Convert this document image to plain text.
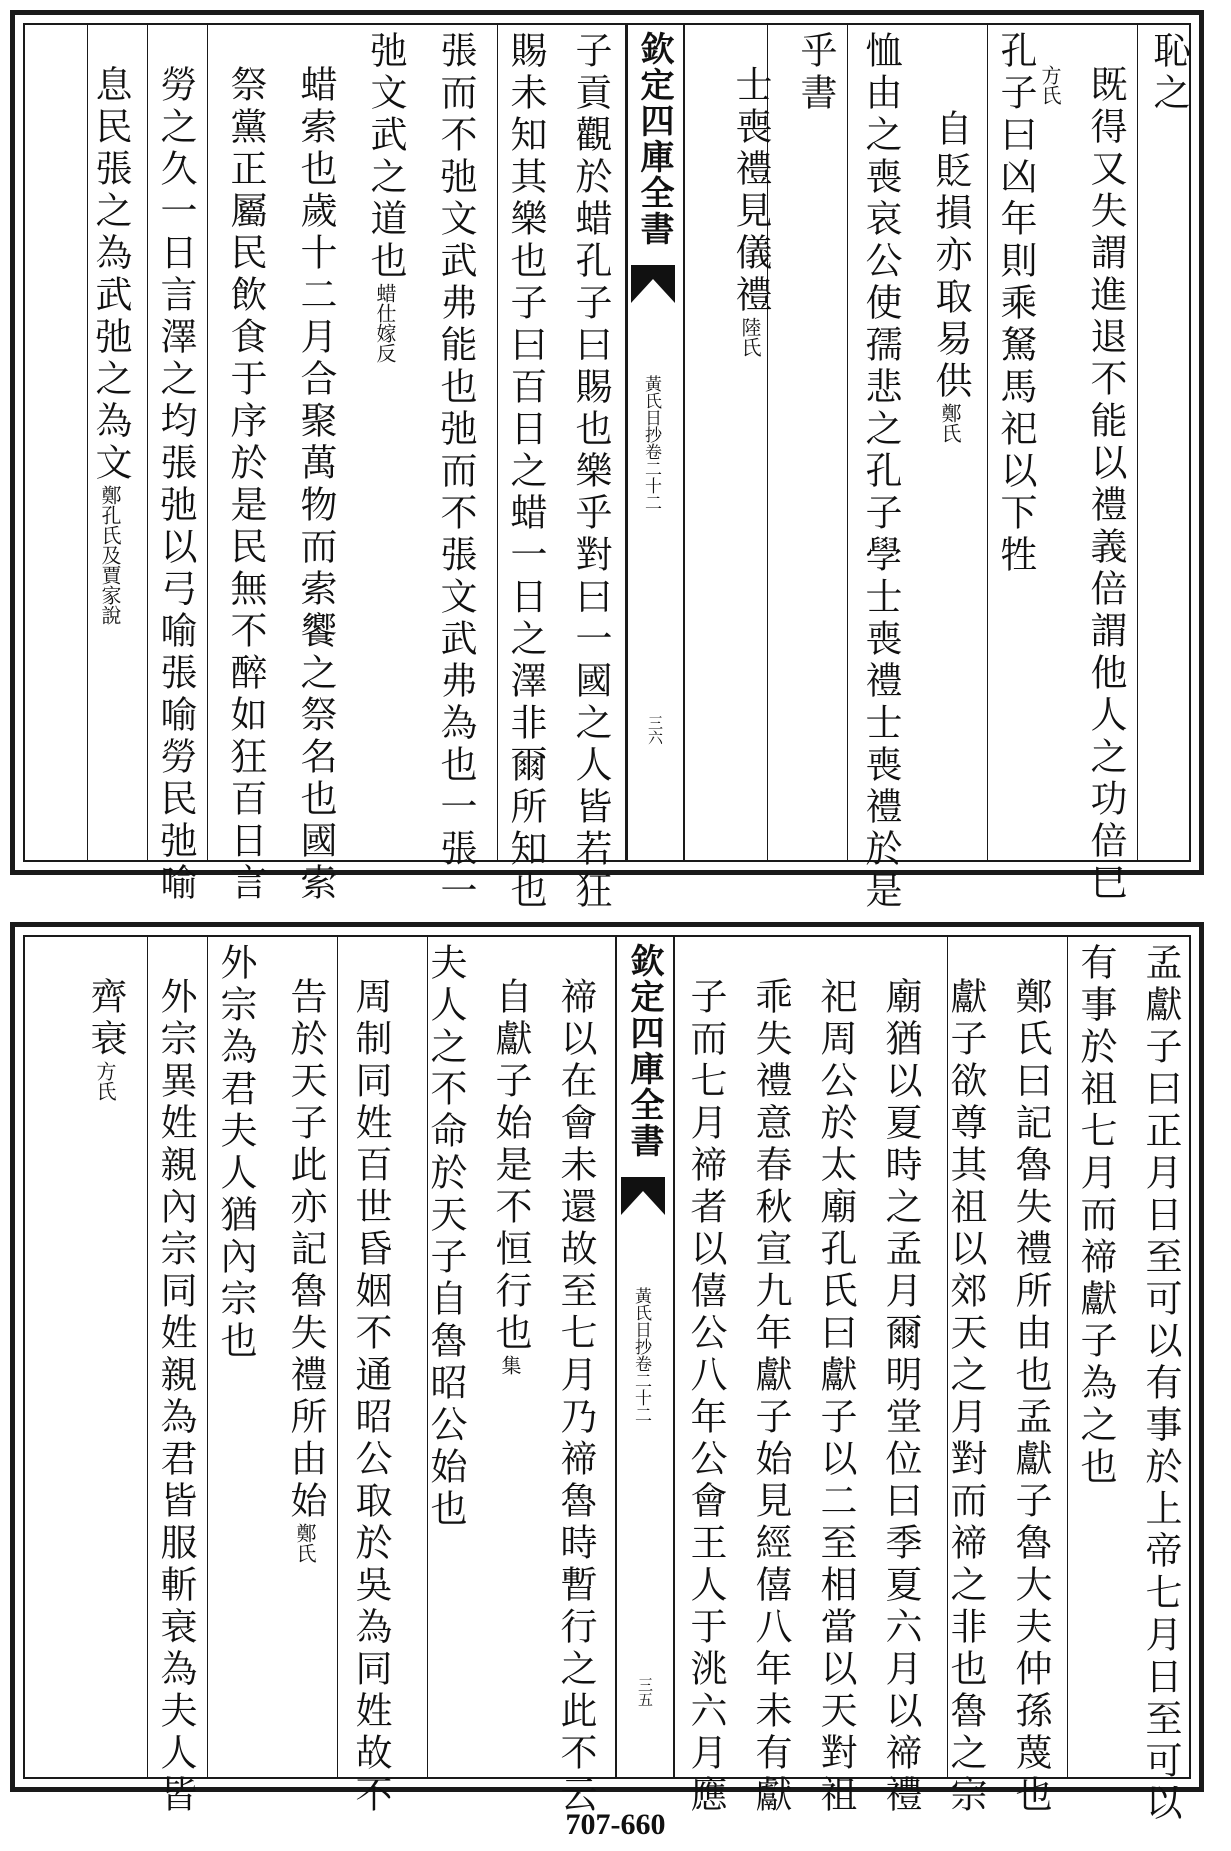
恥之
既得又失謂進退不能以禮義倍謂他人之功倍巳
方氏
孔子曰凶年則乘駑馬祀以下牲
自貶損亦取易供鄭氏
恤由之喪哀公使孺悲之孔子學士喪禮士喪禮於是
乎書
士喪禮見儀禮陸氏
欽定四庫全書
黃氏日抄卷二十二
三六
子貢觀於蜡孔子曰賜也樂乎對曰一國之人皆若狂
賜未知其樂也子曰百日之蜡一日之澤非爾所知也
張而不弛文武弗能也弛而不張文武弗為也一張一
弛文武之道也蜡仕嫁反
蜡索也歲十二月合聚萬物而索饗之祭名也國索
祭黨正屬民飲食于序於是民無不醉如狂百日言
勞之久一日言澤之均張弛以弓喻張喻勞民弛喻
息民張之為武弛之為文鄭孔氏及賈家說
孟獻子曰正月日至可以有事於上帝七月日至可以
有事於祖七月而禘獻子為之也
鄭氏曰記魯失禮所由也孟獻子魯大夫仲孫蔑也
獻子欲尊其祖以郊天之月對而禘之非也魯之宗
廟猶以夏時之孟月爾明堂位曰季夏六月以禘禮
祀周公於太廟孔氏曰獻子以二至相當以天對祖
乖失禮意春秋宣九年獻子始見經僖八年未有獻
子而七月禘者以僖公八年公會王人于洮六月應
欽定四庫全書
黃氏日抄卷二十二
三五
禘以在會未還故至七月乃禘魯時暫行之此不云
自獻子始是不恒行也集
夫人之不命於天子自魯昭公始也
周制同姓百世昏姻不通昭公取於吳為同姓故不
告於天子此亦記魯失禮所由始鄭氏
外宗為君夫人猶內宗也
外宗異姓親內宗同姓親為君皆服斬衰為夫人皆
齊衰方氏
707-660
